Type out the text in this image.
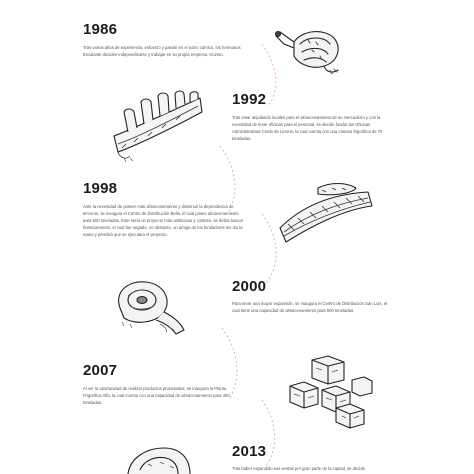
1986
Tras varios años de experiencia, esfuerzo y pasión en el rubro cárnico, los hermanos Escalante deciden independizarse y trabajar en su propia empresa, Hozeto.
1992
Tras estar alquilando locales para el almacenamiento de su mercadería y con la necesidad de tener oficinas para el personal, se decide fundar las Oficinas Administrativas Cerdo de Lerone, la cual cuenta con una cámara frigorífica de 70 toneladas.
1998
Ante la necesidad de poseer más almacenamiento y disminuir la dependencia de terceros, se inaugura el Centro de Distribución Bella, el cual posee almacenamiento para 600 toneladas. Este sería un proyecto más ambicioso y costoso, se debía buscar financiamiento, el cual fue negado, no obstante, un amigo de los fundadores les dio la mano y permitió que se ejecutara el proyecto.
2000
Para tener una mayor expansión, se inaugura el Centro de Distribución San Luis, el cual tiene una capacidad de almacenamiento para 600 toneladas.
2007
Al ver la oportunidad de realizar productos procesados, se inaugura la Planta Frigorífica Alfa, la cual cuenta con una capacidad de almacenamiento para 400 toneladas.
2013
Tras haber expandido sus ventas por gran parte de la capital, se decide
